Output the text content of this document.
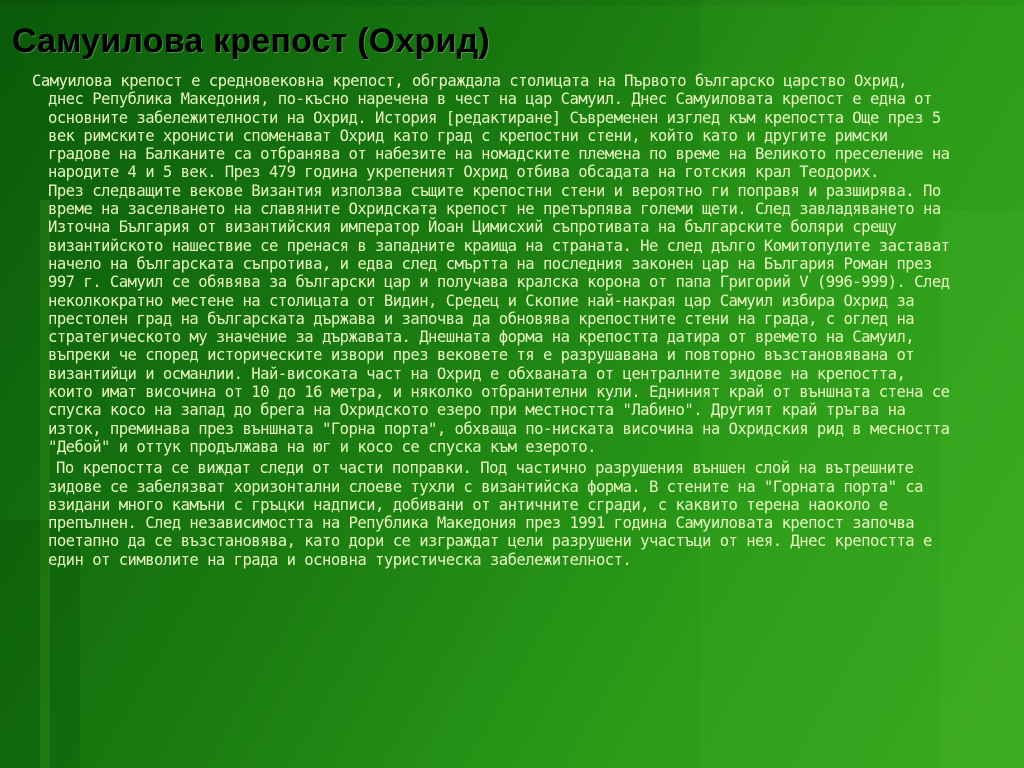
Самуилова крепост (Охрид)

Самуилова крепост е средновековна крепост, обграждала столицата на Първото българско царство Охрид, днес Република Македония, по-късно наречена в чест на цар Самуил. Днес Самуиловата крепост е една от основните забележителности на Охрид. История [редактиране] Съвременен изглед към крепостта Още през 5 век римските хронисти споменават Охрид като град с крепостни стени, който като и другите римски градове на Балканите са отбранява от набезите на номадските племена по време на Великото преселение на народите 4 и 5 век. През 479 година укрепеният Охрид отбива обсадата на готския крал Теодорих.

През следващите векове Византия използва същите крепостни стени и вероятно ги поправя и разширява. По време на заселването на славяните Охридската крепост не претърпява големи щети. След завладяването на Източна България от византийския император Йоан Цимисхий съпротивата на българските боляри срещу византийското нашествие се пренася в западните краища на страната. Не след дълго Комитопулите застават начело на българската съпротива, и едва след смъртта на последния законен цар на България Роман през 997 г. Самуил се обявява за български цар и получава кралска корона от папа Григорий V (996-999). След неколкократно местене на столицата от Видин, Средец и Скопие най-накрая цар Самуил избира Охрид за престолен град на българската държава и започва да обновява крепостните стени на града, с оглед на стратегическото му значение за държавата. Днешната форма на крепостта датира от времето на Самуил, въпреки че според историческите извори през вековете тя е разрушавана и повторно възстановявана от византийци и османлии. Най-високата част на Охрид е обхваната от централните зидове на крепостта, които имат височина от 10 до 16 метра, и няколко отбранителни кули. Едниният край от външната стена се спуска косо на запад до брега на Охридското езеро при местността "Лабино". Другият край тръгва на изток, преминава през външната "Горна порта", обхваща по-ниската височина на Охридския рид в месността "Дебой" и оттук продължава на юг и косо се спуска към езерото.

По крепостта се виждат следи от части поправки. Под частично разрушения външен слой на вътрешните зидове се забелязват хоризонтални слоеве тухли с византийска форма. В стените на "Горната порта" са взидани много камъни с гръцки надписи, добивани от античните сгради, с каквито терена наоколо е препълнен. След независимостта на Република Македония през 1991 година Самуиловата крепост започва поетапно да се възстановява, като дори се изграждат цели разрушени участъци от нея. Днес крепостта е един от символите на града и основна туристическа забележителност.
